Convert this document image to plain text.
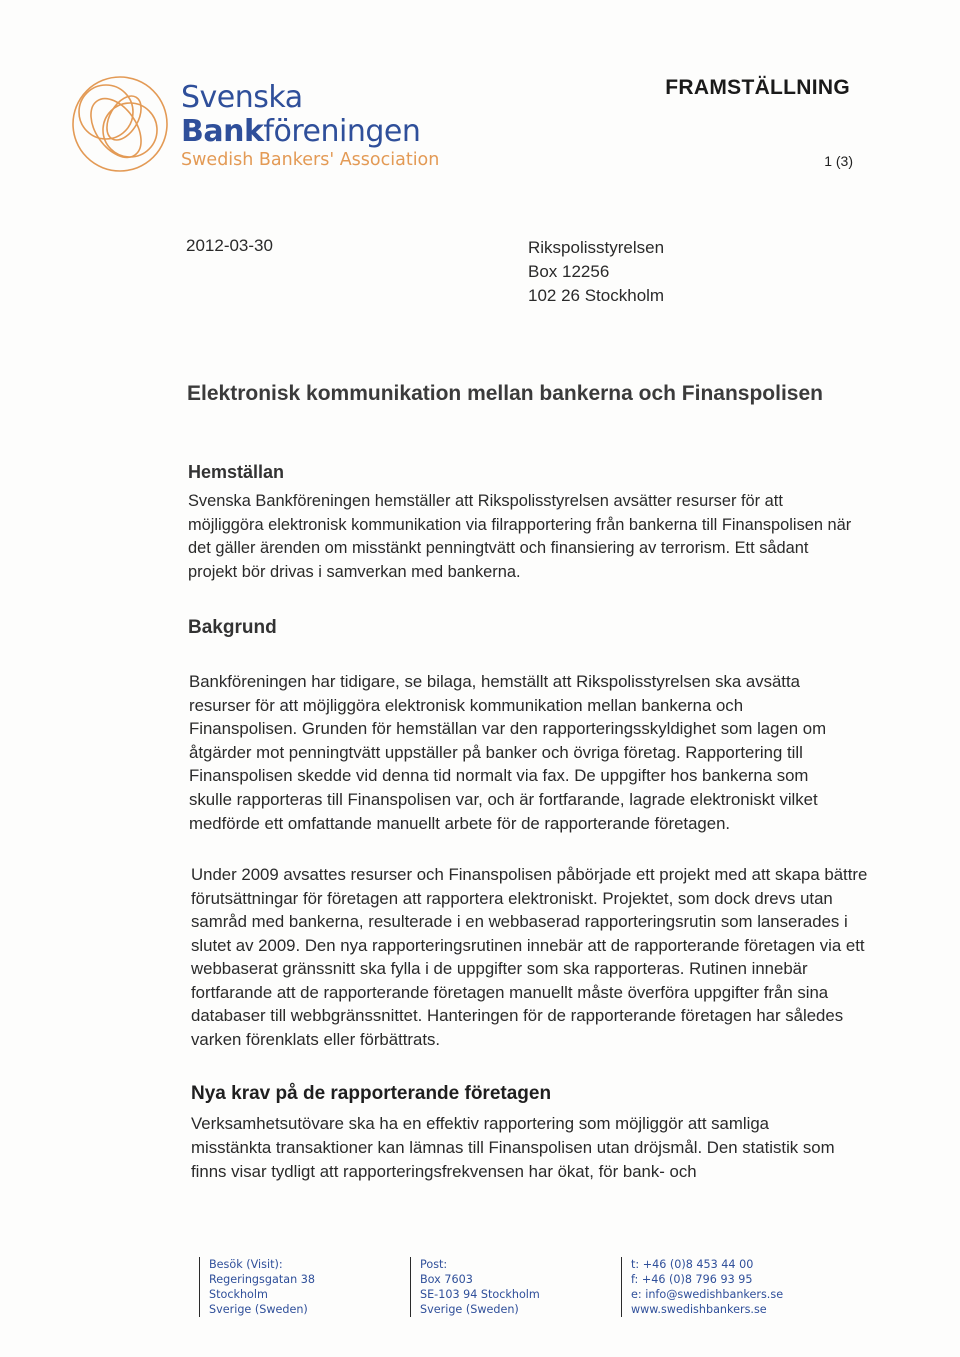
Svenska
Bankföreningen
Swedish Bankers' Association
FRAMSTÄLLNING
1 (3)
2012-03-30	Rikspolisstyrelsen
Box 12256
102 26 Stockholm
Elektronisk kommunikation mellan bankerna och Finanspolisen
Hemställan

Svenska Bankföreningen hemställer att Rikspolisstyrelsen avsätter resurser för att möjliggöra elektronisk kommunikation via filrapportering från bankerna till Finanspolisen när det gäller ärenden om misstänkt penningtvätt och finansiering av terrorism. Ett sådant projekt bör drivas i samverkan med bankerna.

Bakgrund

Bankföreningen har tidigare, se bilaga, hemställt att Rikspolisstyrelsen ska avsätta resurser för att möjliggöra elektronisk kommunikation mellan bankerna och Finanspolisen. Grunden för hemställan var den rapporteringsskyldighet som lagen om åtgärder mot penningtvätt uppställer på banker och övriga företag. Rapportering till Finanspolisen skedde vid denna tid normalt via fax. De uppgifter hos bankerna som skulle rapporteras till Finanspolisen var, och är fortfarande, lagrade elektroniskt vilket medförde ett omfattande manuellt arbete för de rapporterande företagen.

Under 2009 avsattes resurser och Finanspolisen påbörjade ett projekt med att skapa bättre förutsättningar för företagen att rapportera elektroniskt. Projektet, som dock drevs utan samråd med bankerna, resulterade i en webbaserad rapporteringsrutin som lanserades i slutet av 2009. Den nya rapporteringsrutinen innebär att de rapporterande företagen via ett webbaserat gränssnitt ska fylla i de uppgifter som ska rapporteras. Rutinen innebär fortfarande att de rapporterande företagen manuellt måste överföra uppgifter från sina databaser till webbgränssnittet. Hanteringen för de rapporterande företagen har således varken förenklats eller förbättrats.

Nya krav på de rapporterande företagen

Verksamhetsutövare ska ha en effektiv rapportering som möjliggör att samliga misstänkta transaktioner kan lämnas till Finanspolisen utan dröjsmål. Den statistik som finns visar tydligt att rapporteringsfrekvensen har ökat, för bank- och

Besök (Visit):
Regeringsgatan 38
Stockholm
Sverige (Sweden)
Post:
Box 7603
SE-103 94 Stockholm
Sverige (Sweden)
t: +46 (0)8 453 44 00
f: +46 (0)8 796 93 95
e: info@swedishbankers.se
www.swedishbankers.se
